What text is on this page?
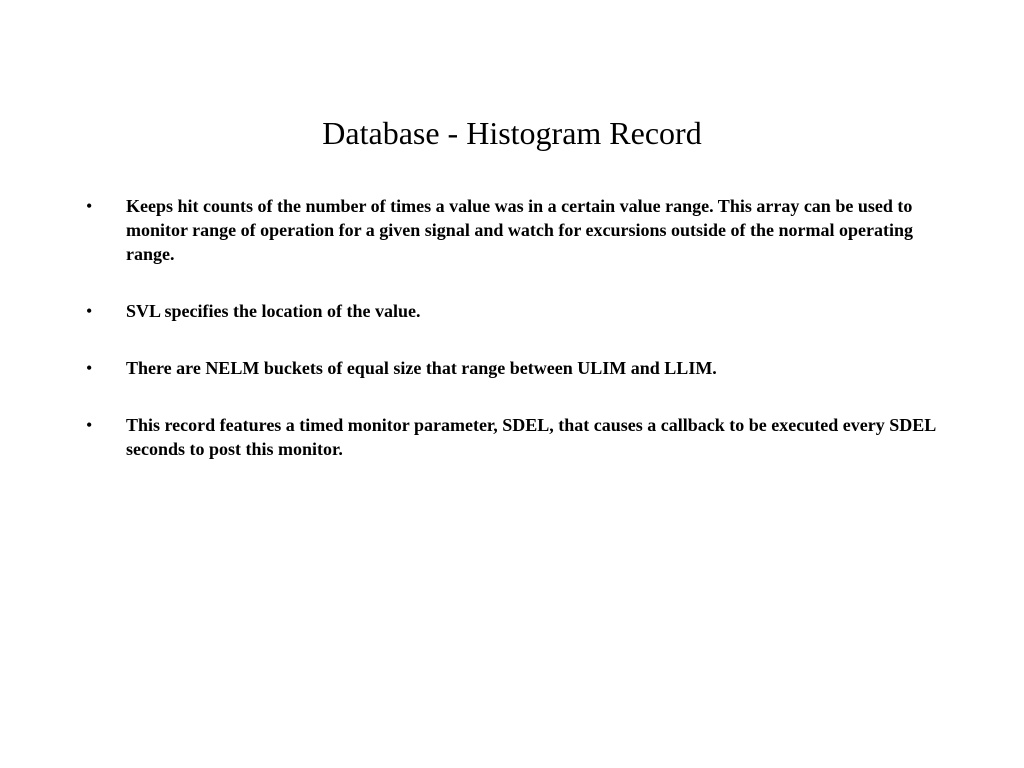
Database - Histogram Record
• Keeps hit counts of the number of times a value was in a certain value range. This array can be used to monitor range of operation for a given signal and watch for excursions outside of the normal operating range.
• SVL specifies the location of the value.
• There are NELM buckets of equal size that range between ULIM and LLIM.
• This record features a timed monitor parameter, SDEL, that causes a callback to be executed every SDEL seconds to post this monitor.
